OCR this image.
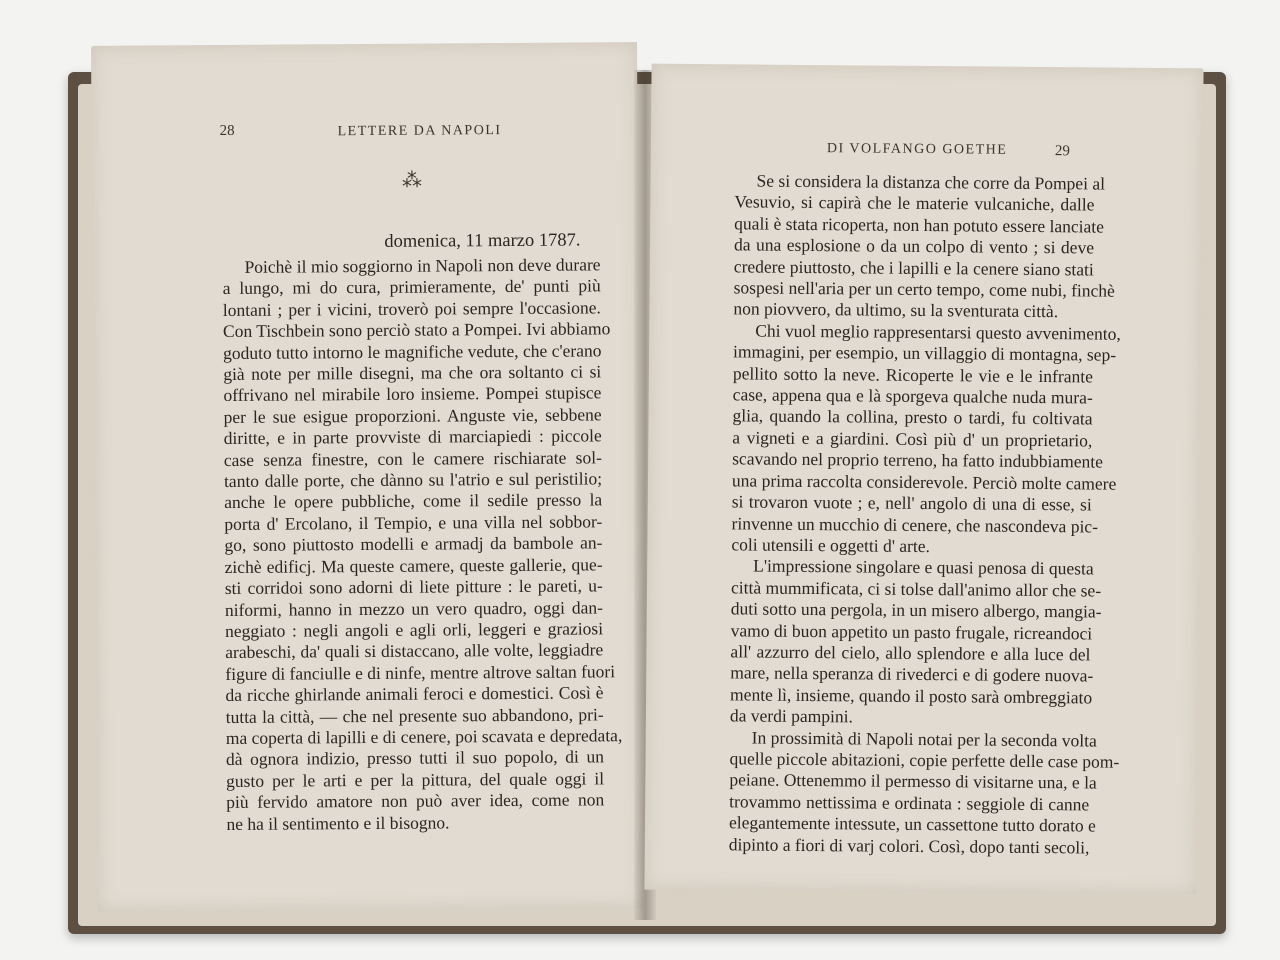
28	LETTERE DA NAPOLI
⁂
domenica, 11 marzo 1787.
Poichè il mio soggiorno in Napoli non deve durare
a lungo, mi do cura, primieramente, de' punti più
lontani ; per i vicini, troverò poi sempre l'occasione.
Con Tischbein sono perciò stato a Pompei. Ivi abbiamo
goduto tutto intorno le magnifiche vedute, che c'erano
già note per mille disegni, ma che ora soltanto ci si
offrivano nel mirabile loro insieme. Pompei stupisce
per le sue esigue proporzioni. Anguste vie, sebbene
diritte, e in parte provviste di marciapiedi : piccole
case senza finestre, con le camere rischiarate sol-
tanto dalle porte, che dànno su l'atrio e sul peristilio;
anche le opere pubbliche, come il sedile presso la
porta d' Ercolano, il Tempio, e una villa nel sobbor-
go, sono piuttosto modelli e armadj da bambole an-
zichè edificj. Ma queste camere, queste gallerie, que-
sti corridoi sono adorni di liete pitture : le pareti, u-
niformi, hanno in mezzo un vero quadro, oggi dan-
neggiato : negli angoli e agli orli, leggeri e graziosi
arabeschi, da' quali si distaccano, alle volte, leggiadre
figure di fanciulle e di ninfe, mentre altrove saltan fuori
da ricche ghirlande animali feroci e domestici. Così è
tutta la città, — che nel presente suo abbandono, pri-
ma coperta di lapilli e di cenere, poi scavata e depredata,
dà ognora indizio, presso tutti il suo popolo, di un
gusto per le arti e per la pittura, del quale oggi il
più fervido amatore non può aver idea, come non
ne ha il sentimento e il bisogno.
DI VOLFANGO GOETHE	29
Se si considera la distanza che corre da Pompei al
Vesuvio, si capirà che le materie vulcaniche, dalle
quali è stata ricoperta, non han potuto essere lanciate
da una esplosione o da un colpo di vento ; si deve
credere piuttosto, che i lapilli e la cenere siano stati
sospesi nell'aria per un certo tempo, come nubi, finchè
non piovvero, da ultimo, su la sventurata città.
Chi vuol meglio rappresentarsi questo avvenimento,
immagini, per esempio, un villaggio di montagna, sep-
pellito sotto la neve. Ricoperte le vie e le infrante
case, appena qua e là sporgeva qualche nuda mura-
glia, quando la collina, presto o tardi, fu coltivata
a vigneti e a giardini. Così più d' un proprietario,
scavando nel proprio terreno, ha fatto indubbiamente
una prima raccolta considerevole. Perciò molte camere
si trovaron vuote ; e, nell' angolo di una di esse, si
rinvenne un mucchio di cenere, che nascondeva pic-
coli utensili e oggetti d' arte.
L'impressione singolare e quasi penosa di questa
città mummificata, ci si tolse dall'animo allor che se-
duti sotto una pergola, in un misero albergo, mangia-
vamo di buon appetito un pasto frugale, ricreandoci
all' azzurro del cielo, allo splendore e alla luce del
mare, nella speranza di rivederci e di godere nuova-
mente lì, insieme, quando il posto sarà ombreggiato
da verdi pampini.
In prossimità di Napoli notai per la seconda volta
quelle piccole abitazioni, copie perfette delle case pom-
peiane. Ottenemmo il permesso di visitarne una, e la
trovammo nettissima e ordinata : seggiole di canne
elegantemente intessute, un cassettone tutto dorato e
dipinto a fiori di varj colori. Così, dopo tanti secoli,
